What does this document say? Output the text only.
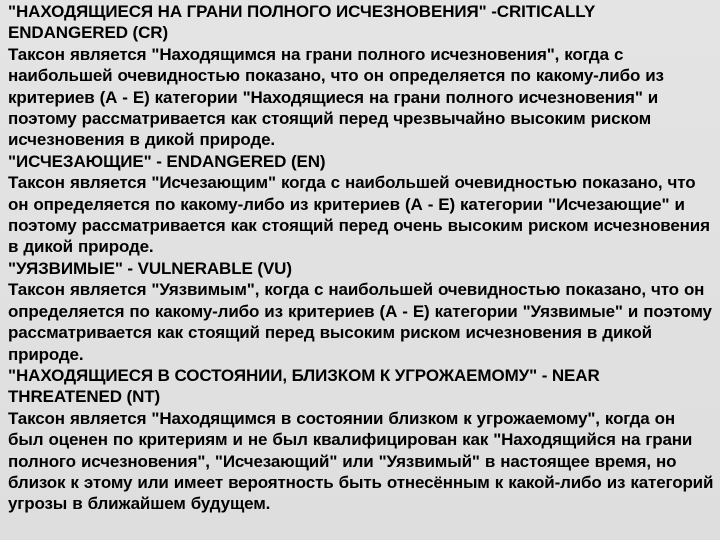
"НАХОДЯЩИЕСЯ НА ГРАНИ ПОЛНОГО ИСЧЕЗНОВЕНИЯ" -CRITICALLY ENDANGERED (CR)
Таксон является "Находящимся на грани полного исчезновения", когда с наибольшей очевидностью показано, что он определяется по какому-либо из критериев (А - Е) категории "Находящиеся на грани полного исчезновения" и поэтому рассматривается как стоящий перед чрезвычайно высоким риском исчезновения в дикой природе.
"ИСЧЕЗАЮЩИЕ" - ENDANGERED (EN)
Таксон является "Исчезающим" когда с наибольшей очевидностью показано, что он определяется по какому-либо из критериев (А - Е) категории "Исчезающие" и поэтому рассматривается как стоящий перед очень высоким риском исчезновения в дикой природе.
"УЯЗВИМЫЕ" - VULNERABLE (VU)
Таксон является "Уязвимым", когда с наибольшей очевидностью показано, что он определяется по какому-либо из критериев (А - Е) категории "Уязвимые" и поэтому рассматривается как стоящий перед высоким риском исчезновения в дикой природе.
"НАХОДЯЩИЕСЯ В СОСТОЯНИИ, БЛИЗКОМ К УГРОЖАЕМОМУ" - NEAR THREATENED (NT)
Таксон является "Находящимся в состоянии близком к угрожаемому", когда он был оценен по критериям и не был квалифицирован как "Находящийся на грани полного исчезновения", "Исчезающий" или "Уязвимый" в настоящее время, но близок к этому или имеет вероятность быть отнесённым к какой-либо из категорий угрозы в ближайшем будущем.
